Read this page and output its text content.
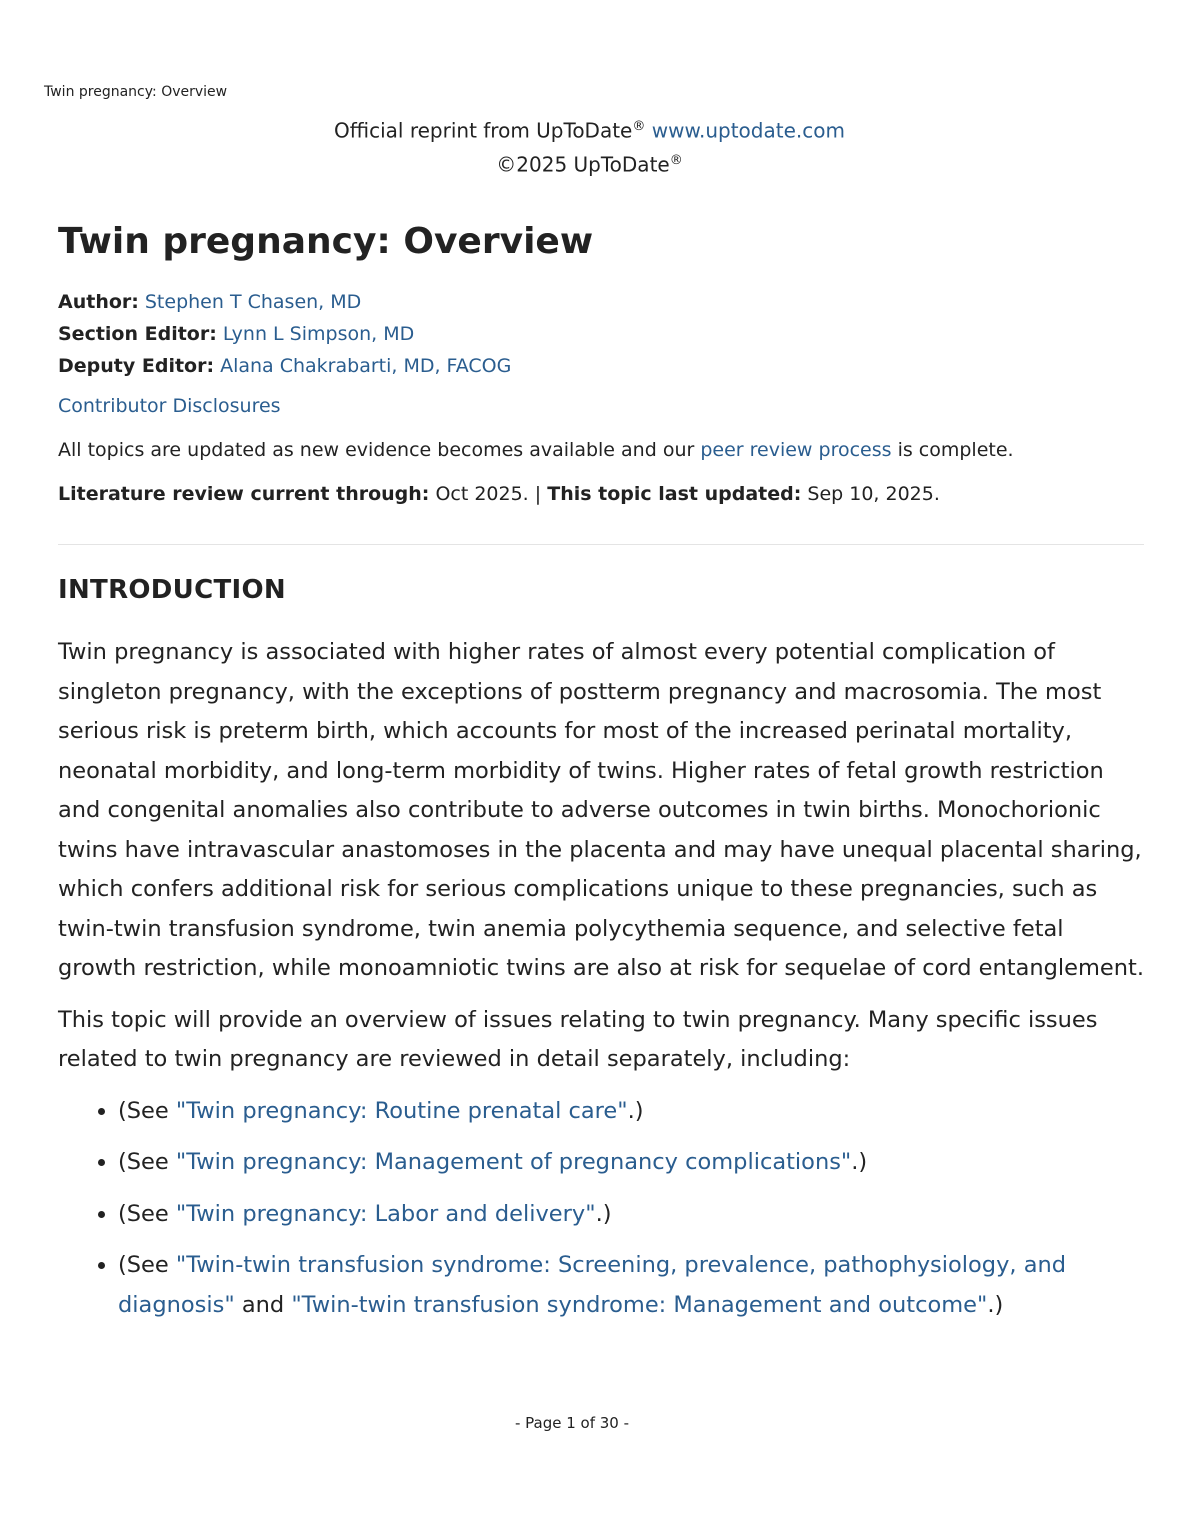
Twin pregnancy: Overview
Official reprint from UpToDate® www.uptodate.com
©2025 UpToDate®
Twin pregnancy: Overview
Author: Stephen T Chasen, MD
Section Editor: Lynn L Simpson, MD
Deputy Editor: Alana Chakrabarti, MD, FACOG
Contributor Disclosures
All topics are updated as new evidence becomes available and our peer review process is complete.
Literature review current through: Oct 2025. | This topic last updated: Sep 10, 2025.
INTRODUCTION

Twin pregnancy is associated with higher rates of almost every potential complication of singleton pregnancy, with the exceptions of postterm pregnancy and macrosomia. The most serious risk is preterm birth, which accounts for most of the increased perinatal mortality, neonatal morbidity, and long-term morbidity of twins. Higher rates of fetal growth restriction and congenital anomalies also contribute to adverse outcomes in twin births. Monochorionic twins have intravascular anastomoses in the placenta and may have unequal placental sharing, which confers additional risk for serious complications unique to these pregnancies, such as twin-twin transfusion syndrome, twin anemia polycythemia sequence, and selective fetal growth restriction, while monoamniotic twins are also at risk for sequelae of cord entanglement.

This topic will provide an overview of issues relating to twin pregnancy. Many specific issues related to twin pregnancy are reviewed in detail separately, including:

• (See "Twin pregnancy: Routine prenatal care".)
• (See "Twin pregnancy: Management of pregnancy complications".)
• (See "Twin pregnancy: Labor and delivery".)
• (See "Twin-twin transfusion syndrome: Screening, prevalence, pathophysiology, and diagnosis" and "Twin-twin transfusion syndrome: Management and outcome".)
- Page 1 of 30 -
